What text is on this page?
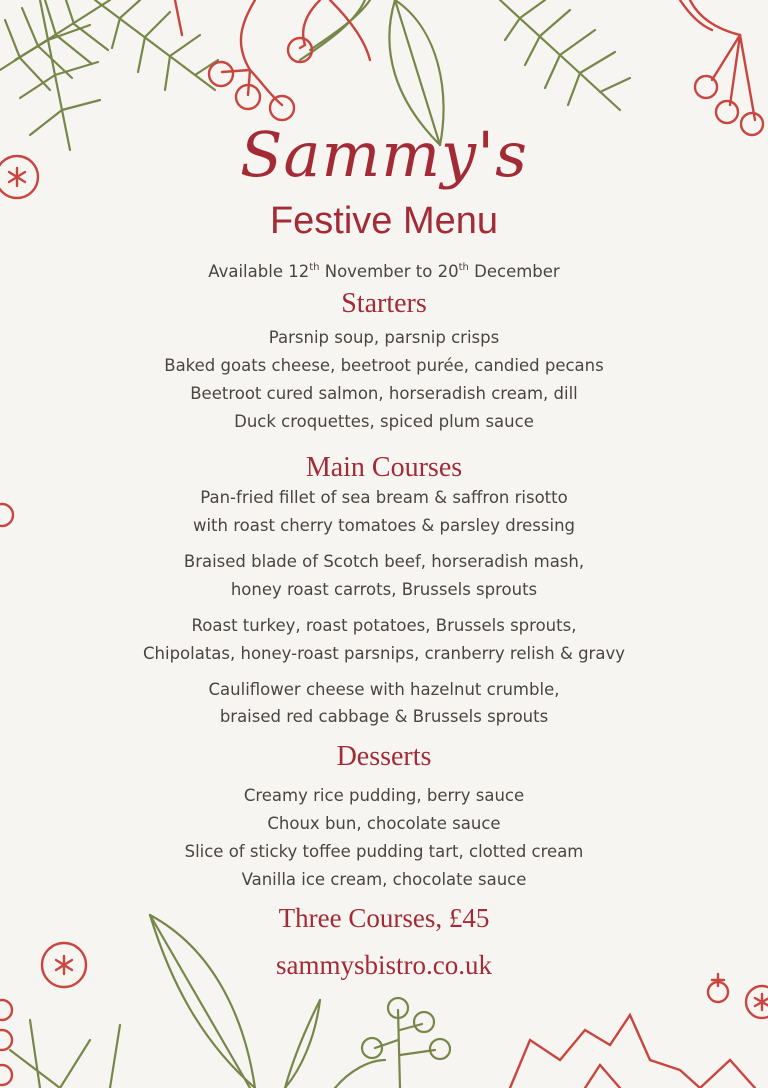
Sammy's
Festive Menu
Available 12th November to 20th December
Starters
Parsnip soup, parsnip crisps
Baked goats cheese, beetroot purée, candied pecans
Beetroot cured salmon, horseradish cream, dill
Duck croquettes, spiced plum sauce
Main Courses
Pan-fried fillet of sea bream & saffron risotto
with roast cherry tomatoes & parsley dressing
Braised blade of Scotch beef, horseradish mash,
honey roast carrots, Brussels sprouts
Roast turkey, roast potatoes, Brussels sprouts,
Chipolatas, honey-roast parsnips, cranberry relish & gravy
Cauliflower cheese with hazelnut crumble,
braised red cabbage & Brussels sprouts
Desserts
Creamy rice pudding, berry sauce
Choux bun, chocolate sauce
Slice of sticky toffee pudding tart, clotted cream
Vanilla ice cream, chocolate sauce
Three Courses, £45
sammysbistro.co.uk
